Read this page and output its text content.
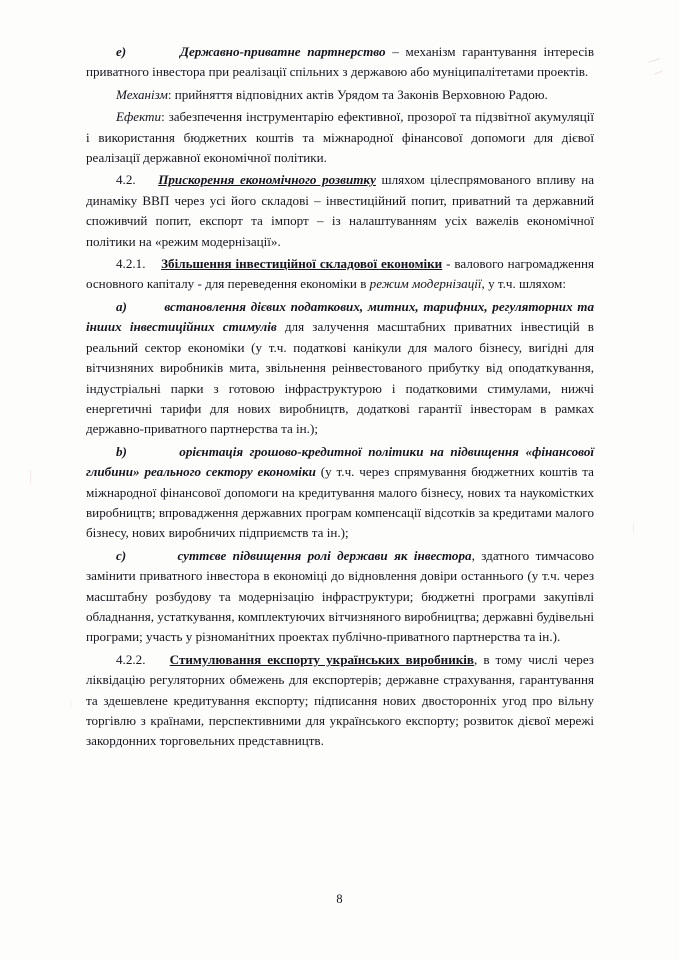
е)	Державно-приватне партнерство – механізм гарантування інтересів приватного інвестора при реалізації спільних з державою або муніципалітетами проектів.

Механізм: прийняття відповідних актів Урядом та Законів Верховною Радою.

Ефекти: забезпечення інструментарію ефективної, прозорої та підзвітної акумуляції і використання бюджетних коштів та міжнародної фінансової допомоги для дієвої реалізації державної економічної політики.

4.2. Прискорення економічного розвитку шляхом цілеспрямованого впливу на динаміку ВВП через усі його складові – інвестиційний попит, приватний та державний споживчий попит, експорт та імпорт – із налаштуванням усіх важелів економічної політики на «режим модернізації».

4.2.1. Збільшення інвестиційної складової економіки - валового нагромадження основного капіталу - для переведення економіки в режим модернізації, у т.ч. шляхом:

а)	встановлення дієвих податкових, митних, тарифних, регуляторних та інших інвестиційних стимулів для залучення масштабних приватних інвестицій в реальний сектор економіки (у т.ч. податкові канікули для малого бізнесу, вигідні для вітчизняних виробників мита, звільнення реінвестованого прибутку від оподаткування, індустріальні парки з готовою інфраструктурою і податковими стимулами, нижчі енергетичні тарифи для нових виробництв, додаткові гарантії інвесторам в рамках державно-приватного партнерства та ін.);

b)	орієнтація грошово-кредитної політики на підвищення «фінансової глибини» реального сектору економіки (у т.ч. через спрямування бюджетних коштів та міжнародної фінансової допомоги на кредитування малого бізнесу, нових та наукомістких виробництв; впровадження державних програм компенсації відсотків за кредитами малого бізнесу, нових виробничих підприємств та ін.);

с)	суттєве підвищення ролі держави як інвестора, здатного тимчасово замінити приватного інвестора в економіці до відновлення довіри останнього (у т.ч. через масштабну розбудову та модернізацію інфраструктури; бюджетні програми закупівлі обладнання, устаткування, комплектуючих вітчизняного виробництва; державні будівельні програми; участь у різноманітних проектах публічно-приватного партнерства та ін.).

4.2.2. Стимулювання експорту українських виробників, в тому числі через ліквідацію регуляторних обмежень для експортерів; державне страхування, гарантування та здешевлене кредитування експорту; підписання нових двосторонніх угод про вільну торгівлю з країнами, перспективними для українського експорту; розвиток дієвої мережі закордонних торговельних представництв.

8
